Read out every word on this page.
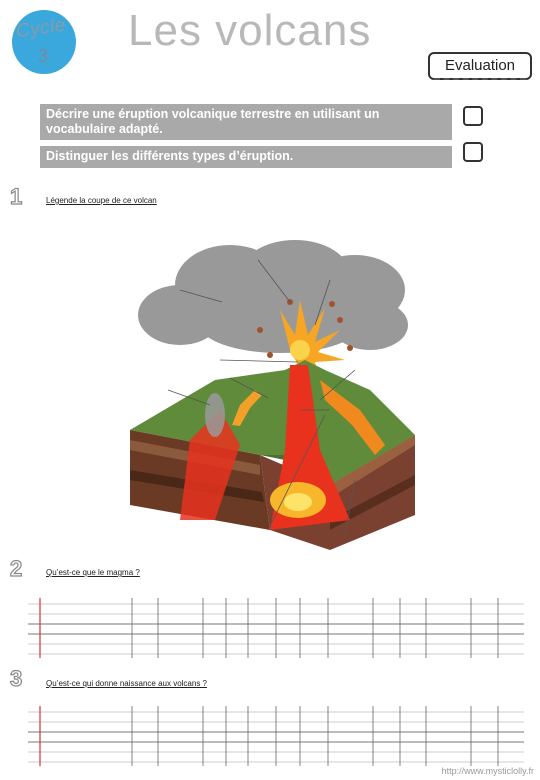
Cycle
3
Les volcans
Evaluation
Décrire une éruption volcanique terrestre en utilisant un vocabulaire adapté.
Distinguer les différents types d’éruption.
1	Légende la coupe de ce volcan
2	Qu’est-ce que le magma ?
3	Qu’est-ce qui donne naissance aux volcans ?
http://www.mysticlolly.fr
